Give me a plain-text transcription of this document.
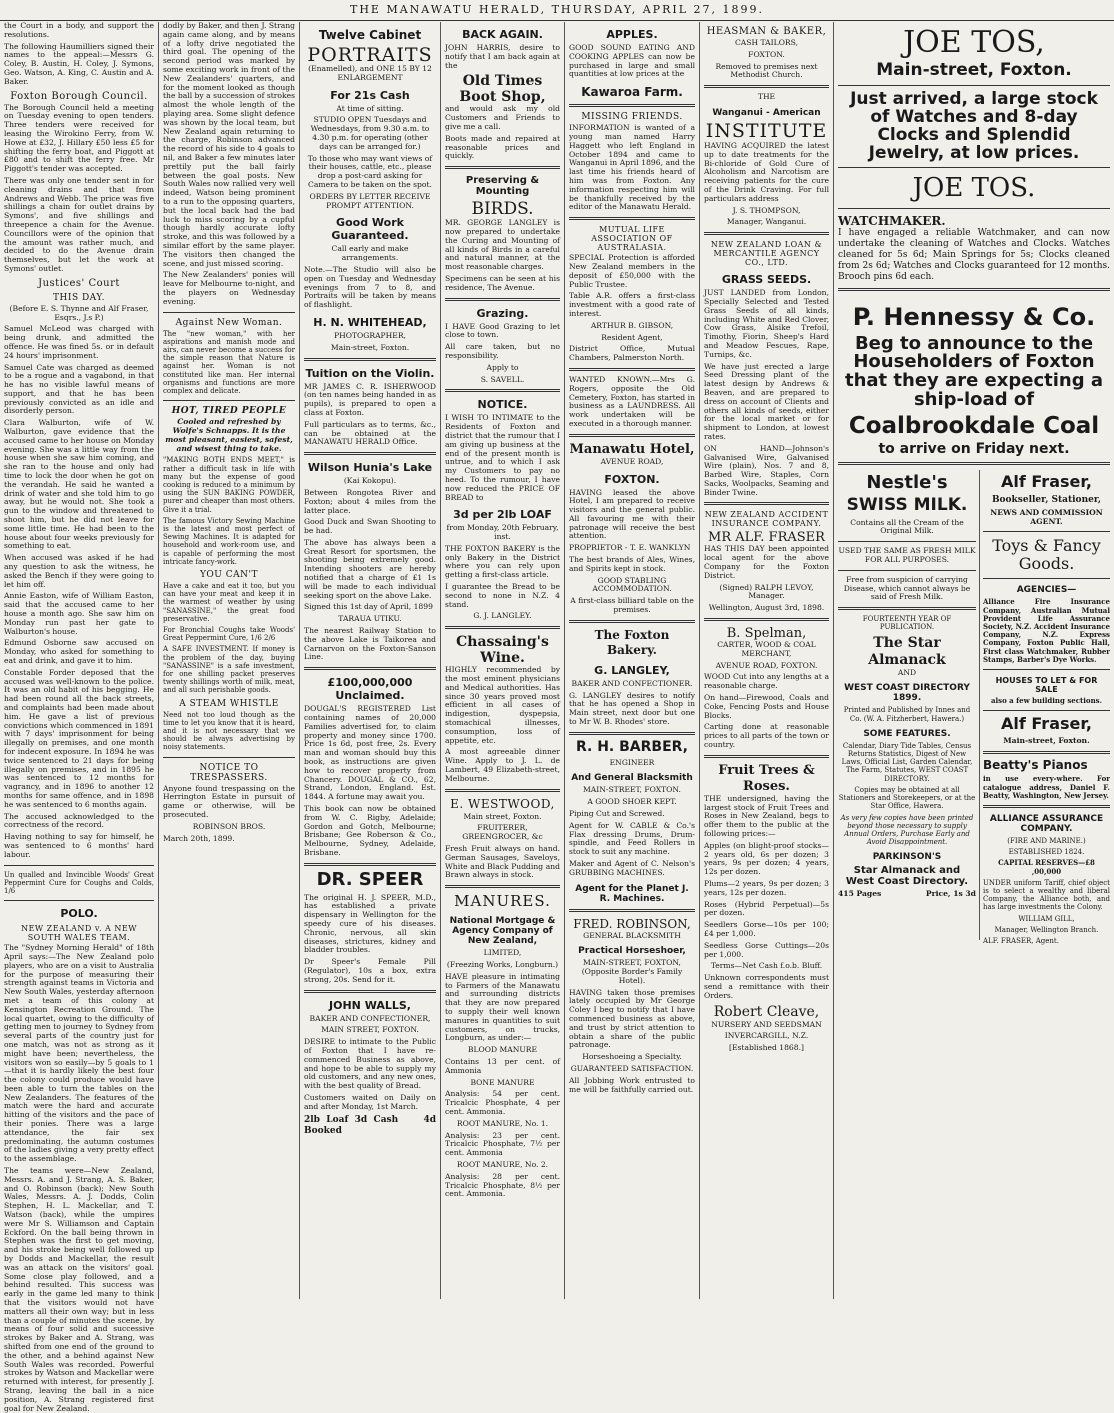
THE MANAWATU HERALD, THURSDAY, APRIL 27, 1899.

the Court in a body, and support the resolutions.

The following Haumilliers signed their names to the appeal:—Messrs G. Coley, B. Austin, H. Coley, J. Symons, Geo. Watson, A. King, C. Austin and A. Baker.

Foxton Borough Council.

The Borough Council held a meeting on Tuesday evening to open tenders. Three tenders were received for leasing the Wirokino Ferry, from W. Howe at £32, J. Hillary £50 less £5 for shifting the ferry boat, and Piggott at £80 and to shift the ferry free. Mr Piggott's tender was accepted.

There was only one tender sent in for cleaning drains and that from Andrews and Webb. The price was five shillings a chain for outlet drains by Symons', and five shillings and threepence a chain for the Avenue. Councillors were of the opinion that the amount was rather much, and decided to do the Avenue drain themselves, but let the work at Symons' outlet.

Justices' Court
THIS DAY.

(Before E. S. Thynne and Alf Fraser, Esqrs., J.s P.)

Samuel McLeod was charged with being drunk, and admitted the offence. He was fined 5s. or in default 24 hours' imprisonment.

Samuel Cate was charged as deemed to be a rogue and a vagabond, in that he has no visible lawful means of support, and that he has been previously convicted as an idle and disorderly person.

Clara Walburton, wife of W. Walburton, gave evidence that the accused came to her house on Monday evening. She was a little way from the house when she saw him coming, and she ran to the house and only had time to lock the door when he got on the verandah. He said he wanted a drink of water and she told him to go away, but he would not. She took a gun to the window and threatened to shoot him, but he did not leave for some little time. He had been to the house about four weeks previously for something to eat.

When accused was asked if he had any question to ask the witness, he asked the Bench if they were going to let him off.

Annie Easton, wife of William Easton, said that the accused came to her house a month ago. She saw him on Monday run past her gate to Walburton's house.

Edmund Osborne saw accused on Monday, who asked for something to eat and drink, and gave it to him.

Constable Forder deposed that the accused was well-known to the police. It was an old habit of his begging. He had been round all the back streets, and complaints had been made about him. He gave a list of previous convictions which commenced in 1891 with 7 days' imprisonment for being illegally on premises, and one month for indecent exposure. In 1894 he was twice sentenced to 21 days for being illegally on premises, and in 1895 he was sentenced to 12 months for vagrancy, and in 1896 to another 12 months for same offence, and in 1898 he was sentenced to 6 months again.

The accused acknowledged to the correctness of the record.

Having nothing to say for himself, he was sentenced to 6 months' hard labour.

Un qualled and Invincible Woods' Great Peppermint Cure for Coughs and Colds, 1/6

POLO.
NEW ZEALAND v. A NEW SOUTH WALES TEAM.

The "Sydney Morning Herald" of 18th April says:—The New Zealand polo players, who are on a visit to Australia for the purpose of measuring their strength against teams in Victoria and New South Wales, yesterday afternoon met a team of this colony at Kensington Recreation Ground. The local quartet, owing to the difficulty of getting men to journey to Sydney from several parts of the country just for one match, was not as strong as it might have been; nevertheless, the visitors won so easily—by 5 goals to 1—that it is hardly likely the best four the colony could produce would have been able to turn the tables on the New Zealanders. The features of the match were the hard and accurate hitting of the visitors and the pace of their ponies. There was a large attendance, the fair sex predominating, the autumn costumes of the ladies giving a very pretty effect to the assemblage.

The teams were—New Zealand, Messrs. A. and J. Strang, A. S. Baker, and O. Robinson (back); New South Wales, Messrs. A. J. Dodds, Colin Stephen, H. L. Mackellar, and T. Watson (back), while the umpires were Mr S. Williamson and Captain Eckford. On the ball being thrown in Stephen was the first to get moving, and his stroke being well followed up by Dodds and Mackellar, the result was an attack on the visitors' goal. Some close play followed, and a behind resulted. This success was early in the game led many to think that the visitors would not have matters all their own way; but in less than a couple of minutes the scene, by means of four solid and successive strokes by Baker and A. Strang, was shifted from one end of the ground to the other, and a behind against New South Wales was recorded. Powerful strokes by Watson and Mackellar were returned with interest, for presently J. Strang, leaving the ball in a nice position, A. Strang registered first goal for New Zealand.

dodly by Baker, and then J. Strang again came along, and by means of a lofty drive negotiated the third goal. The opening of the second period was marked by some exciting work in front of the New Zealanders' quarters, and for the moment looked as though the ball by a succession of strokes almost the whole length of the playing area. Some slight defence was shown by the local team, but New Zealand again returning to the charge, Robinson advanced the record of his side to 4 goals to nil, and Baker a few minutes later prettily put the ball fairly between the goal posts. New South Wales now rallied very well indeed, Watson being prominent to a run to the opposing quarters, but the local back had the bad luck to miss scoring by a cupful though hardly accurate lofty stroke, and this was followed by a similar effort by the same player. The visitors then changed the scene, and just missed scoring.

The New Zealanders' ponies will leave for Melbourne to-night, and the players on Wednesday evening.

Against New Woman.

The "new woman," with her aspirations and manish mode and airs, can never become a success for the simple reason that Nature is against her. Woman is not constituted like man. Her internal organisms and functions are more complex and delicate.

HOT, TIRED PEOPLE

Cooled and refreshed by Wolfe's Schnapps. It is the most pleasant, easiest, safest, and wisest thing to take.

"MAKING BOTH ENDS MEET," is rather a difficult task in life with many but the expense of good cooking is reduced to a minimum by using the SUN BAKING POWDER, purer and cheaper than most others. Give it a trial.

The famous Victory Sewing Machine is the latest and most perfect of Sewing Machines. It is adapted for household and work-room use, and is capable of performing the most intricate fancy-work.

YOU CAN'T

Have a cake and eat it too, but you can have your meat and keep it in the warmest of weather by using "SANASSINE," the great food preservative.

For Bronchial Coughs take Woods' Great Peppermint Cure, 1/6 2/6

A SAFE INVESTMENT. If money is the problem of the day, buying "SANASSINE" is a safe investment, for one shilling packet preserves twenty shillings worth of milk, meat, and all such perishable goods.

A STEAM WHISTLE

Need not too loud though as the time to let you know that it is heard, and it is not necessary that we should be always advertising by noisy statements.

NOTICE TO TRESPASSERS.

Anyone found trespassing on the Herrington Estate in pursuit of game or otherwise, will be prosecuted.

ROBINSON BROS.

March 20th, 1899.

Twelve Cabinet
PORTRAITS

(Enamelled), and ONE 15 BY 12 ENLARGEMENT

For 21s Cash

At time of sitting.

STUDIO OPEN Tuesdays and Wednesdays, from 9.30 a.m. to 4.30 p.m. for operating (other days can be arranged for.)

To those who may want views of their houses, cattle, etc., please drop a post-card asking for Camera to be taken on the spot.

ORDERS BY LETTER RECEIVE PROMPT ATTENTION.

Good Work Guaranteed.

Call early and make arrangements.

Note.—The Studio will also be open on Tuesday and Wednesday evenings from 7 to 8, and Portraits will be taken by means of flashlight.

H. N. WHITEHEAD,

PHOTOGRAPHER,

Main-street, Foxton.

Tuition on the Violin.

MR JAMES C. R. ISHERWOOD (on ten names being handed in as pupils), is prepared to open a class at Foxton.

Full particulars as to terms, &c., can be obtained at the MANAWATU HERALD Office.

Wilson Hunia's Lake

(Kai Kokopu).

Between Rongotea River and Foxton; about 4 miles from the latter place.

Good Duck and Swan Shooting to be had.

The above has always been a Great Resort for sportsmen, the shooting being extremely good. Intending shooters are hereby notified that a charge of £1 1s will be made to each individual seeking sport on the above Lake.

Signed this 1st day of April, 1899

TARAUA UTIKU.

The nearest Railway Station to the above Lake is Taikorea and Carnarvon on the Foxton-Sanson Line.

£100,000,000 Unclaimed.

DOUGAL'S REGISTERED List containing names of 20,000 Families advertised for, to claim property and money since 1700. Price 1s 6d, post free, 2s. Every man and woman should buy this book, as instructions are given how to recover property from Chancery. DOUGAL & CO., 62, Strand, London, England. Est. 1844. A fortune may await you.

This book can now be obtained from W. C. Rigby, Adelaide; Gordon and Gotch, Melbourne; Brisbane; Gee Roberson & Co., Melbourne, Sydney, Adelaide, Brisbane.

DR. SPEER

The original H. J. SPEER, M.D., has established a private dispensary in Wellington for the speedy cure of his diseases. Chronic, nervous, all skin diseases, strictures, kidney and bladder troubles.

Dr Speer's Female Pill (Regulator), 10s a box, extra strong, 20s. Send for it.

JOHN WALLS,

BAKER AND CONFECTIONER,

MAIN STREET, FOXTON.

DESIRE to intimate to the Public of Foxton that I have re-commenced Business as above, and hope to be able to supply my old customers, and any new ones, with the best quality of Bread.

Customers waited on Daily on and after Monday, 1st March.

2lb Loaf 3d Cash	4d Booked

BACK AGAIN.

JOHN HARRIS, desire to notify that I am back again at the

Old Times Boot Shop,

and would ask my old Customers and Friends to give me a call.

Boots made and repaired at reasonable prices and quickly.

Preserving & Mounting
BIRDS.

MR. GEORGE LANGLEY is now prepared to undertake the Curing and Mounting of all kinds of Birds in a careful and natural manner, at the most reasonable charges.

Specimens can be seen at his residence, The Avenue.

Grazing.

I HAVE Good Grazing to let close to town.

All care taken, but no responsibility.

Apply to

S. SAVELL.

NOTICE.

I WISH TO INTIMATE to the Residents of Foxton and district that the rumour that I am giving up business at the end of the present month is untrue, and to which I ask my Customers to pay no heed. To the rumour, I have now reduced the PRICE OF BREAD to

3d per 2lb LOAF

from Monday, 20th February, inst.

THE FOXTON BAKERY is the only Bakery in the District where you can rely upon getting a first-class article.

I guarantee the Bread to be second to none in N.Z. 4 stand.

G. J. LANGLEY.

Chassaing's Wine.

HIGHLY recommended by the most eminent physicians and Medical authorities. Has since 30 years proved most efficient in all cases of indigestion, dyspepsia, stomachical illnesses, consumption, loss of appetite, etc.

A most agreeable dinner Wine. Apply to J. L. de Lambert, 49 Elizabeth-street, Melbourne.

E. WESTWOOD,

Main street, Foxton.

FRUITERER, GREENGROCER, &c

Fresh Fruit always on hand. German Sausages, Saveloys, White and Black Pudding and Brawn always in stock.

MANURES.
National Mortgage & Agency Company of New Zealand,

LIMITED,

(Freezing Works, Longburn.)

HAVE pleasure in intimating to Farmers of the Manawatu and surrounding districts that they are now prepared to supply their well known manures in quantities to suit customers, on trucks, Longburn, as under:—

BLOOD MANURE

Contains 13 per cent. of Ammonia

BONE MANURE

Analysis: 54 per cent. Tricalcic Phosphate, 4 per cent. Ammonia.

ROOT MANURE, No. 1.

Analysis: 23 per cent. Tricalcic Phosphate, 7½ per cent. Ammonia

ROOT MANURE, No. 2.

Analysis: 28 per cent. Tricalcic Phosphate, 8½ per cent. Ammonia.

APPLES.

GOOD SOUND EATING AND COOKING APPLES can now be purchased in large and small quantities at low prices at the

Kawaroa Farm.
MISSING FRIENDS.

INFORMATION is wanted of a young man named Harry Haggett who left England in October 1894 and came to Wanganui in April 1896, and the last time his friends heard of him was from Foxton. Any information respecting him will be thankfully received by the editor of the Manawatu Herald.

MUTUAL LIFE ASSOCIATION OF AUSTRALASIA.

SPECIAL Protection is afforded New Zealand members in the deposit of £50,000 with the Public Trustee.

Table A.R. offers a first-class investment with a good rate of interest.

ARTHUR B. GIBSON,

Resident Agent,

District Office, Mutual Chambers, Palmerston North.

WANTED KNOWN.—Mrs G. Rogers, opposite the Old Cemetery, Foxton, has started in business as a LAUNDRESS. All work undertaken will be executed in a thorough manner.

Manawatu Hotel,

AVENUE ROAD,

FOXTON.

HAVING leased the above Hotel, I am prepared to receive visitors and the general public. All favouring me with their patronage will receive the best attention.

PROPRIETOR - T. E. WANKLYN

The best brands of Ales, Wines, and Spirits kept in stock.

GOOD STABLING ACCOMMODATION.

A first-class billiard table on the premises.

The Foxton Bakery.
G. LANGLEY,

BAKER AND CONFECTIONER.

G. LANGLEY desires to notify that he has opened a Shop in Main street, next door but one to Mr W. B. Rhodes' store.

R. H. BARBER,

ENGINEER

And General Blacksmith

MAIN-STREET, FOXTON.

A GOOD SHOER KEPT.

Piping Cut and Screwed.

Agent for W. CABLE & Co.'s Flax dressing Drums, Drum-spindle, and Feed Rollers in stock to suit any machine.

Maker and Agent of C. Nelson's GRUBBING MACHINES.

Agent for the Planet J. R. Machines.
FRED. ROBINSON,

GENERAL BLACKSMITH

Practical Horseshoer,

MAIN-STREET, FOXTON, (Opposite Border's Family Hotel).

HAVING taken those premises lately occupied by Mr George Coley I beg to notify that I have commenced business as above, and trust by strict attention to obtain a share of the public patronage.

Horseshoeing a Specialty.

GUARANTEED SATISFACTION.

All Jobbing Work entrusted to me will be faithfully carried out.

HEASMAN & BAKER,

CASH TAILORS,

FOXTON.

Removed to premises next Methodist Church.

THE

Wanganui - American
INSTITUTE

HAVING ACQUIRED the latest up to date treatments for the Bi-chloride of Gold Cure of Alcoholism and Narcotism are receiving patients for the cure of the Drink Craving. For full particulars address

J. S. THOMPSON,

Manager, Wanganui.

NEW ZEALAND LOAN & MERCANTILE AGENCY CO., LTD.
GRASS SEEDS.

JUST LANDED from London, Specially Selected and Tested Grass Seeds of all kinds, including White and Red Clover, Cow Grass, Alsike Trefoil, Timothy, Fiorin, Sheep's Hard and Meadow Fescues, Rape, Turnips, &c.

We have just erected a large Seed Dressing plant of the latest design by Andrews & Beaven, and are prepared to dress on account of Clients and others all kinds of seeds, either for the local market or for shipment to London, at lowest rates.

ON HAND—Johnson's Galvanised Wire, Galvanised Wire (plain), Nos. 7 and 8, Barbed Wire, Staples, Corn Sacks, Woolpacks, Seaming and Binder Twine.

NEW ZEALAND ACCIDENT INSURANCE COMPANY.
MR ALF. FRASER

HAS THIS DAY been appointed local agent for the above Company for the Foxton District.

(Signed) RALPH LEVOY, Manager.

Wellington, August 3rd, 1898.

B. Spelman,

CARTER, WOOD & COAL MERCHANT,

AVENUE ROAD, FOXTON.

WOOD Cut into any lengths at a reasonable charge.

On hand—Firewood, Coals and Coke, Fencing Posts and House Blocks.

Carting done at reasonable prices to all parts of the town or country.

Fruit Trees & Roses.

THE undersigned, having the largest stock of Fruit Trees and Roses in New Zealand, begs to offer them to the public at the following prices:—

Apples (on blight-proof stocks—2 years old, 6s per dozen; 3 years, 9s per dozen; 4 years, 12s per dozen.

Plums—2 years, 9s per dozen; 3 years, 12s per dozen.

Roses (Hybrid Perpetual)—5s per dozen.

Seedlers Gorse—10s per 100; £4 per 1,000.

Seedless Gorse Cuttings—20s per 1,000.

Terms—Net Cash f.o.b. Bluff.

Unknown correspondents must send a remittance with their Orders.

Robert Cleave,

NURSERY AND SEEDSMAN

INVERCARGILL, N.Z.

[Established 1868.]

JOE TOS,
Main-street, Foxton.
Just arrived, a large stock of Watches and 8-day Clocks and Splendid Jewelry, at low prices.
JOE TOS.
WATCHMAKER.

I have engaged a reliable Watchmaker, and can now undertake the cleaning of Watches and Clocks. Watches cleaned for 5s 6d; Main Springs for 5s; Clocks cleaned from 2s 6d; Watches and Clocks guaranteed for 12 months. Brooch pins 6d each.

P. Hennessy & Co.
Beg to announce to the Householders of Foxton that they are expecting a ship-load of
Coalbrookdale Coal
to arrive on Friday next.
Nestle's
SWISS MILK.

Contains all the Cream of the Original Milk.

USED THE SAME AS FRESH MILK FOR ALL PURPOSES.

Free from suspicion of carrying Disease, which cannot always be said of Fresh Milk.

FOURTEENTH YEAR OF PUBLICATION.

The Star Almanack

AND

WEST COAST DIRECTORY 1899.

Printed and Published by Innes and Co. (W. A. Fitzherbert, Hawera.)

SOME FEATURES.

Calendar, Diary Tide Tables, Census Returns Statistics, Digest of New Laws, Official List, Garden Calendar, The Farm, Statutes, WEST COAST DIRECTORY.

Copies may be obtained at all Stationers and Storekeepers, or at the Star Office, Hawera.

As very few copies have been printed beyond those necessary to supply Annual Orders, Purchase Early and Avoid Disappointment.

PARKINSON'S
Star Almanack and West Coast Directory.

415 Pages	Price, 1s 3d

Alf Fraser,

Bookseller, Stationer,

NEWS AND COMMISSION AGENT.

Toys & Fancy Goods.
AGENCIES—

Alliance Fire Insurance Company, Australian Mutual Provident Life Assurance Society, N.Z. Accident Insurance Company, N.Z. Express Company, Foxton Public Hall, First class Watchmaker, Rubber Stamps, Barber's Dye Works.

HOUSES TO LET & FOR SALE

also a few building sections.

Alf Fraser,

Main-street, Foxton.

Beatty's Pianos

in use every-where. For catalogue address, Daniel F. Beatty, Washington, New Jersey.

ALLIANCE ASSURANCE COMPANY.

(FIRE AND MARINE.)

ESTABLISHED 1824.

CAPITAL RESERVES—£8 ,00,000

UNDER uniform Tariff, chief object is to select a wealthy and liberal Company, the Alliance both, and has large investments the Colony.

WILLIAM GILL,

Manager, Wellington Branch.

ALF. FRASER, Agent.
